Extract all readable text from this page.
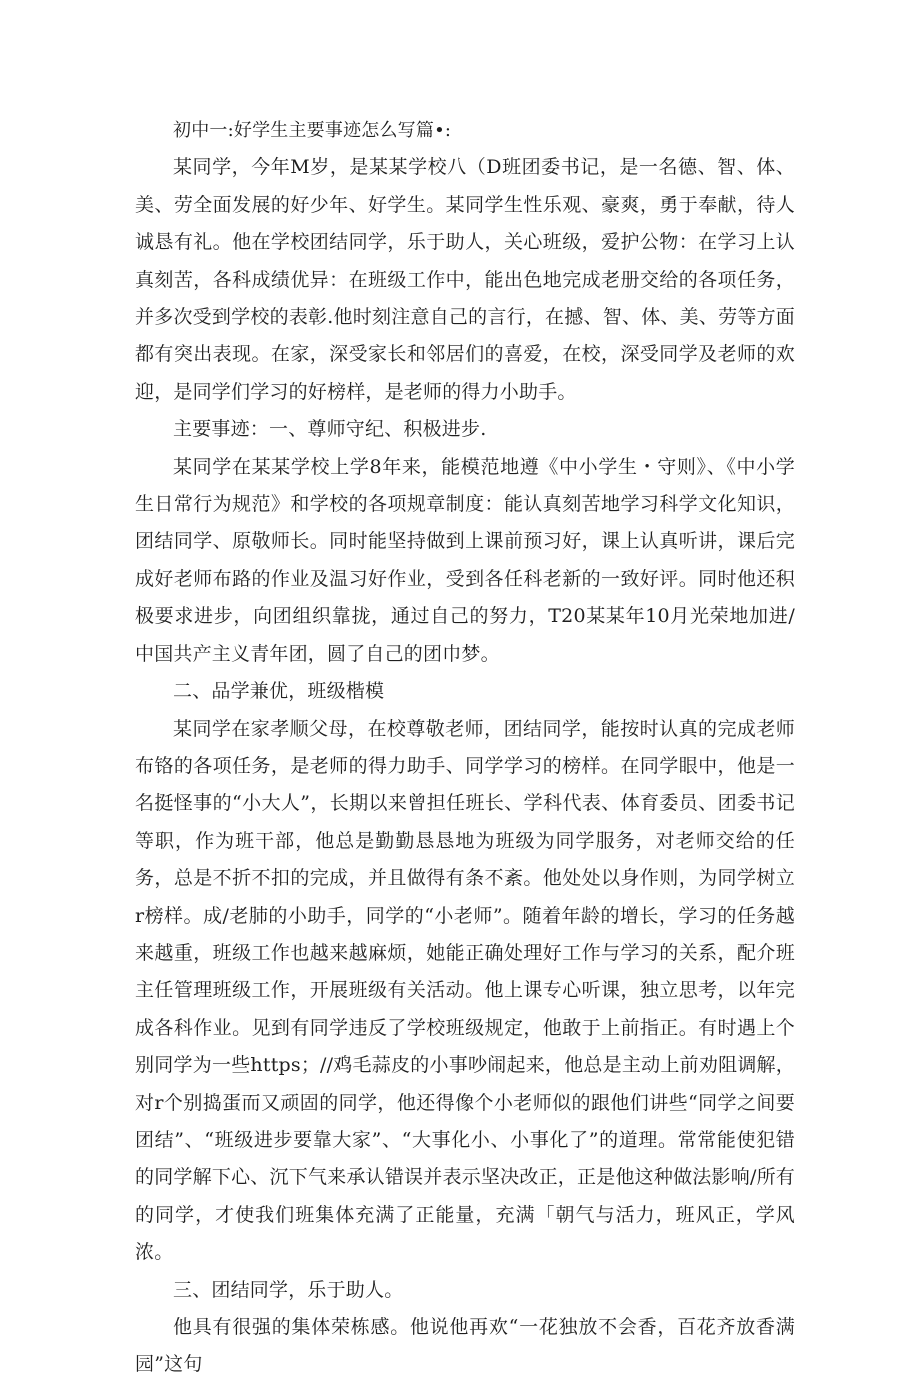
初中一:好学生主要事迹怎么写篇•:

某同学，今年M岁，是某某学校八（D班团委书记，是一名德、智、体、美、劳全面发展的好少年、好学生。某同学生性乐观、豪爽，勇于奉献，待人诚恳有礼。他在学校团结同学，乐于助人，关心班级，爱护公物：在学习上认真刻苦，各科成绩优异：在班级工作中，能出色地完成老册交给的各项任务，并多次受到学校的表彰.他时刻注意自己的言行，在撼、智、体、美、劳等方面都有突出表现。在家，深受家长和邻居们的喜爱，在校，深受同学及老师的欢迎，是同学们学习的好榜样，是老师的得力小助手。

主要事迹：一、尊师守纪、积极进步.

某同学在某某学校上学8年来，能模范地遵《中小学生・守则》、《中小学生日常行为规范》和学校的各项规章制度：能认真刻苦地学习科学文化知识，团结同学、原敬师长。同时能坚持做到上课前预习好，课上认真听讲，课后完成好老师布路的作业及温习好作业，受到各任科老新的一致好评。同时他还积极要求进步，向团组织靠拢，通过自己的努力，T20某某年10月光荣地加进/中国共产主义青年团，圆了自己的团巾梦。

二、品学兼优，班级楷模

某同学在家孝顺父母，在校尊敬老师，团结同学，能按时认真的完成老师布铬的各项任务，是老师的得力助手、同学学习的榜样。在同学眼中，他是一名挺怪事的“小大人”，长期以来曾担任班长、学科代表、体育委员、团委书记等职，作为班干部，他总是勤勤恳恳地为班级为同学服务，对老师交给的任务，总是不折不扣的完成，并且做得有条不紊。他处处以身作则，为同学树立r榜样。成/老肺的小助手，同学的“小老师”。随着年龄的增长，学习的任务越来越重，班级工作也越来越麻烦，她能正确处理好工作与学习的关系，配介班主任管理班级工作，开展班级有关活动。他上课专心听课，独立思考，以年完成各科作业。见到有同学违反了学校班级规定，他敢于上前指正。有时遇上个别同学为一些https；//鸡毛蒜皮的小事吵闹起来，他总是主动上前劝阻调解，对r个别捣蛋而又顽固的同学，他还得像个小老师似的跟他们讲些“同学之间要团结”、“班级进步要靠大家”、“大事化小、小事化了”的道理。常常能使犯错的同学解下心、沉下气来承认错误并表示坚决改正，正是他这种做法影响/所有的同学，才使我们班集体充满了正能量，充满「朝气与活力，班风正，学风浓。

三、团结同学，乐于助人。

他具有很强的集体荣栋感。他说他再欢“一花独放不会香，百花齐放香满园”这句
